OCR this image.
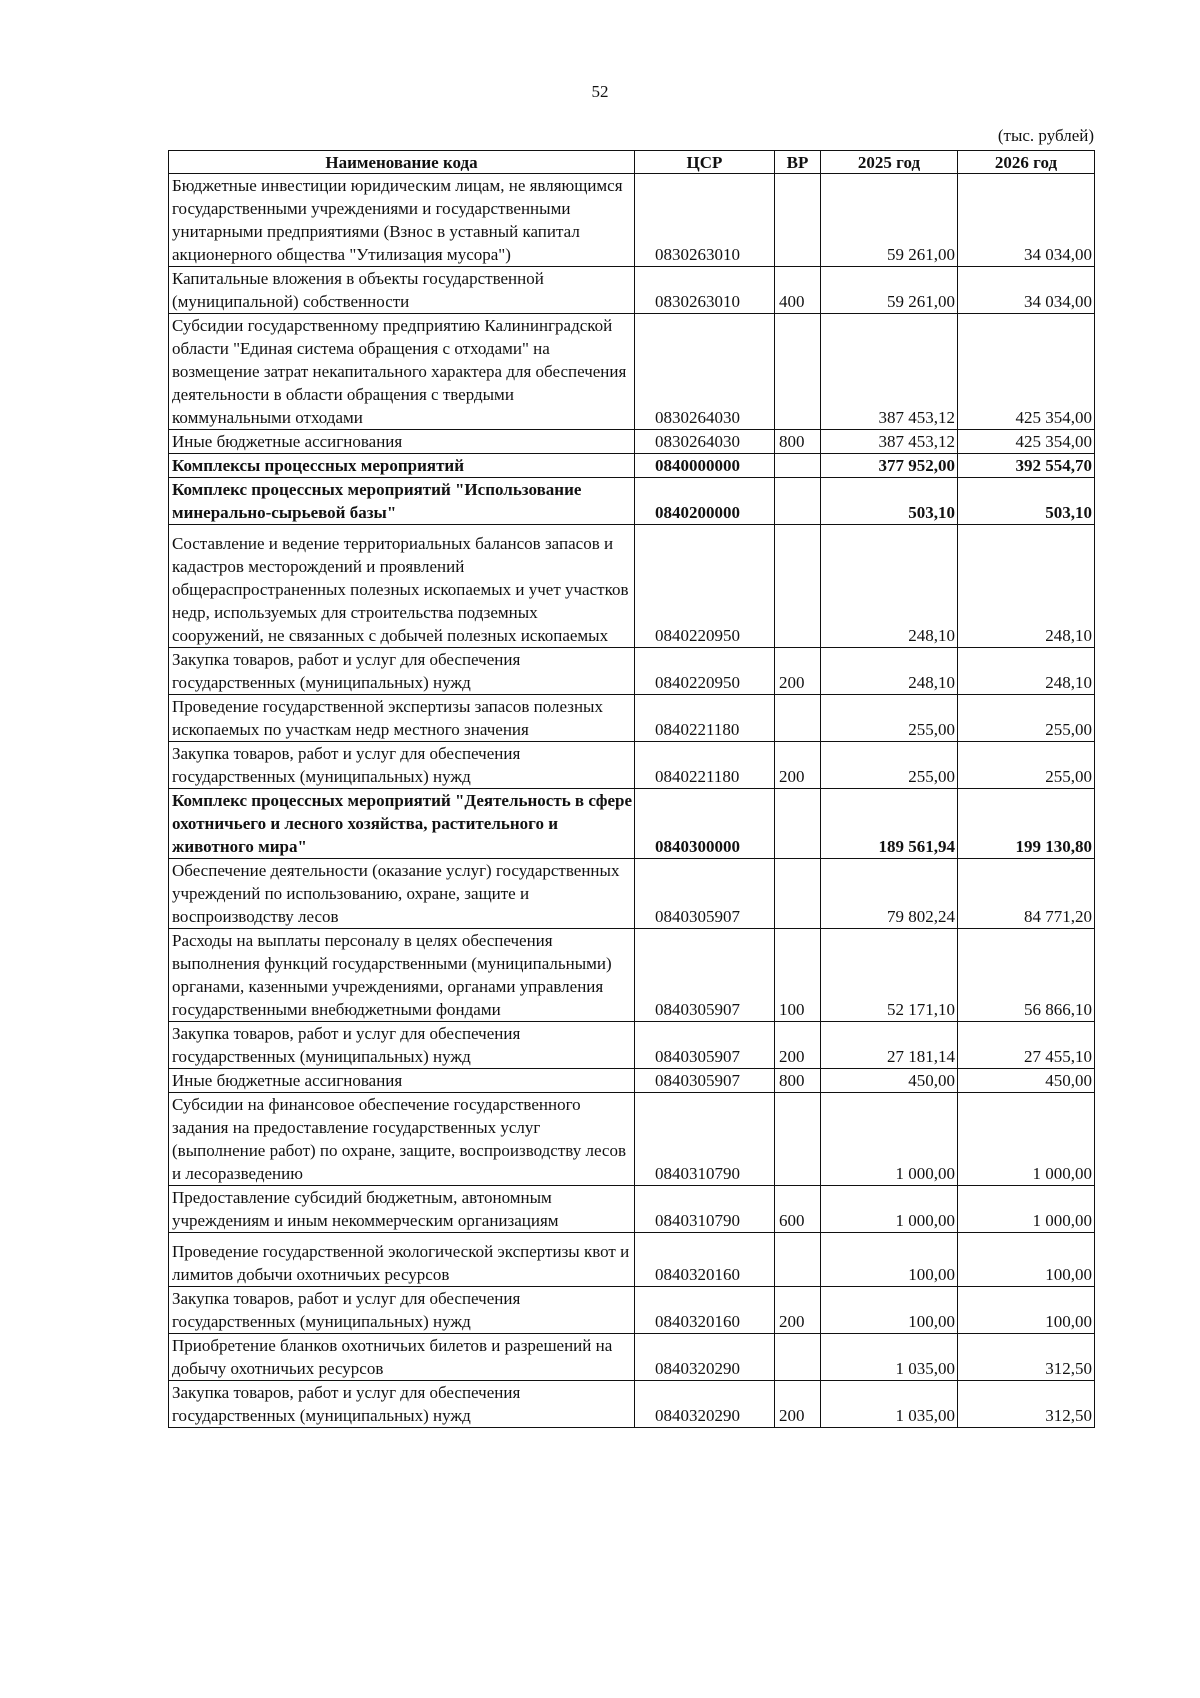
52
(тыс. рублей)
Наименование кода	ЦСР	ВР	2025 год	2026 год
Бюджетные инвестиции юридическим лицам, не являющимся государственными учреждениями и государственными унитарными предприятиями (Взнос в уставный капитал акционерного общества "Утилизация мусора")	0830263010		59 261,00	34 034,00
Капитальные вложения в объекты государственной (муниципальной) собственности	0830263010	400	59 261,00	34 034,00
Субсидии государственному предприятию Калининградской области "Единая система обращения с отходами" на возмещение затрат некапитального характера для обеспечения деятельности в области обращения с твердыми коммунальными отходами	0830264030		387 453,12	425 354,00
Иные бюджетные ассигнования	0830264030	800	387 453,12	425 354,00
Комплексы процессных мероприятий	0840000000		377 952,00	392 554,70
Комплекс процессных мероприятий "Использование минерально-сырьевой базы"	0840200000		503,10	503,10
Составление и ведение территориальных балансов запасов и кадастров месторождений и проявлений общераспространенных полезных ископаемых и учет участков недр, используемых для строительства подземных сооружений, не связанных с добычей полезных ископаемых	0840220950		248,10	248,10
Закупка товаров, работ и услуг для обеспечения государственных (муниципальных) нужд	0840220950	200	248,10	248,10
Проведение государственной экспертизы запасов полезных ископаемых по участкам недр местного значения	0840221180		255,00	255,00
Закупка товаров, работ и услуг для обеспечения государственных (муниципальных) нужд	0840221180	200	255,00	255,00
Комплекс процессных мероприятий "Деятельность в сфере охотничьего и лесного хозяйства, растительного и животного мира"	0840300000		189 561,94	199 130,80
Обеспечение деятельности (оказание услуг) государственных учреждений по использованию, охране, защите и воспроизводству лесов	0840305907		79 802,24	84 771,20
Расходы на выплаты персоналу в целях обеспечения выполнения функций государственными (муниципальными) органами, казенными учреждениями, органами управления государственными внебюджетными фондами	0840305907	100	52 171,10	56 866,10
Закупка товаров, работ и услуг для обеспечения государственных (муниципальных) нужд	0840305907	200	27 181,14	27 455,10
Иные бюджетные ассигнования	0840305907	800	450,00	450,00
Субсидии на финансовое обеспечение государственного задания на предоставление государственных услуг (выполнение работ) по охране, защите, воспроизводству лесов и лесоразведению	0840310790		1 000,00	1 000,00
Предоставление субсидий бюджетным, автономным учреждениям и иным некоммерческим организациям	0840310790	600	1 000,00	1 000,00
Проведение государственной экологической экспертизы квот и лимитов добычи охотничьих ресурсов	0840320160		100,00	100,00
Закупка товаров, работ и услуг для обеспечения государственных (муниципальных) нужд	0840320160	200	100,00	100,00
Приобретение бланков охотничьих билетов и разрешений на добычу охотничьих ресурсов	0840320290		1 035,00	312,50
Закупка товаров, работ и услуг для обеспечения государственных (муниципальных) нужд	0840320290	200	1 035,00	312,50
